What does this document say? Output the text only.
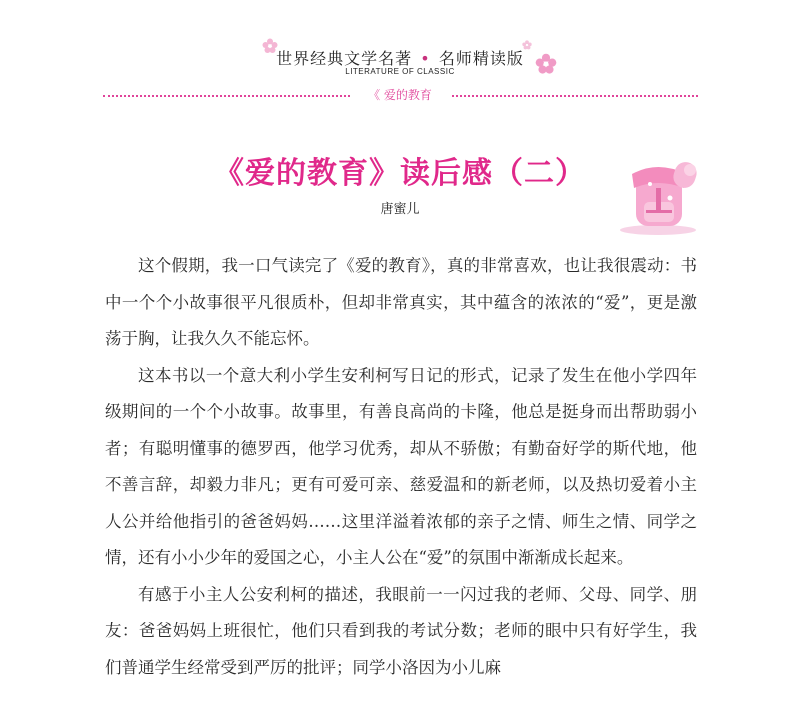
世界经典文学名著 • 名师精读版
LITERATURE OF CLASSIC
《 爱的教育
《爱的教育》读后感（二）
唐蜜儿

这个假期，我一口气读完了《爱的教育》，真的非常喜欢，也让我很震动：书中一个个小故事很平凡很质朴，但却非常真实，其中蕴含的浓浓的“爱”，更是激荡于胸，让我久久不能忘怀。

这本书以一个意大利小学生安利柯写日记的形式，记录了发生在他小学四年级期间的一个个小故事。故事里，有善良高尚的卡隆，他总是挺身而出帮助弱小者；有聪明懂事的德罗西，他学习优秀，却从不骄傲；有勤奋好学的斯代地，他不善言辞，却毅力非凡；更有可爱可亲、慈爱温和的新老师，以及热切爱着小主人公并给他指引的爸爸妈妈……这里洋溢着浓郁的亲子之情、师生之情、同学之情，还有小小少年的爱国之心，小主人公在“爱”的氛围中渐渐成长起来。

有感于小主人公安利柯的描述，我眼前一一闪过我的老师、父母、同学、朋友：爸爸妈妈上班很忙，他们只看到我的考试分数；老师的眼中只有好学生，我们普通学生经常受到严厉的批评；同学小洛因为小儿麻
